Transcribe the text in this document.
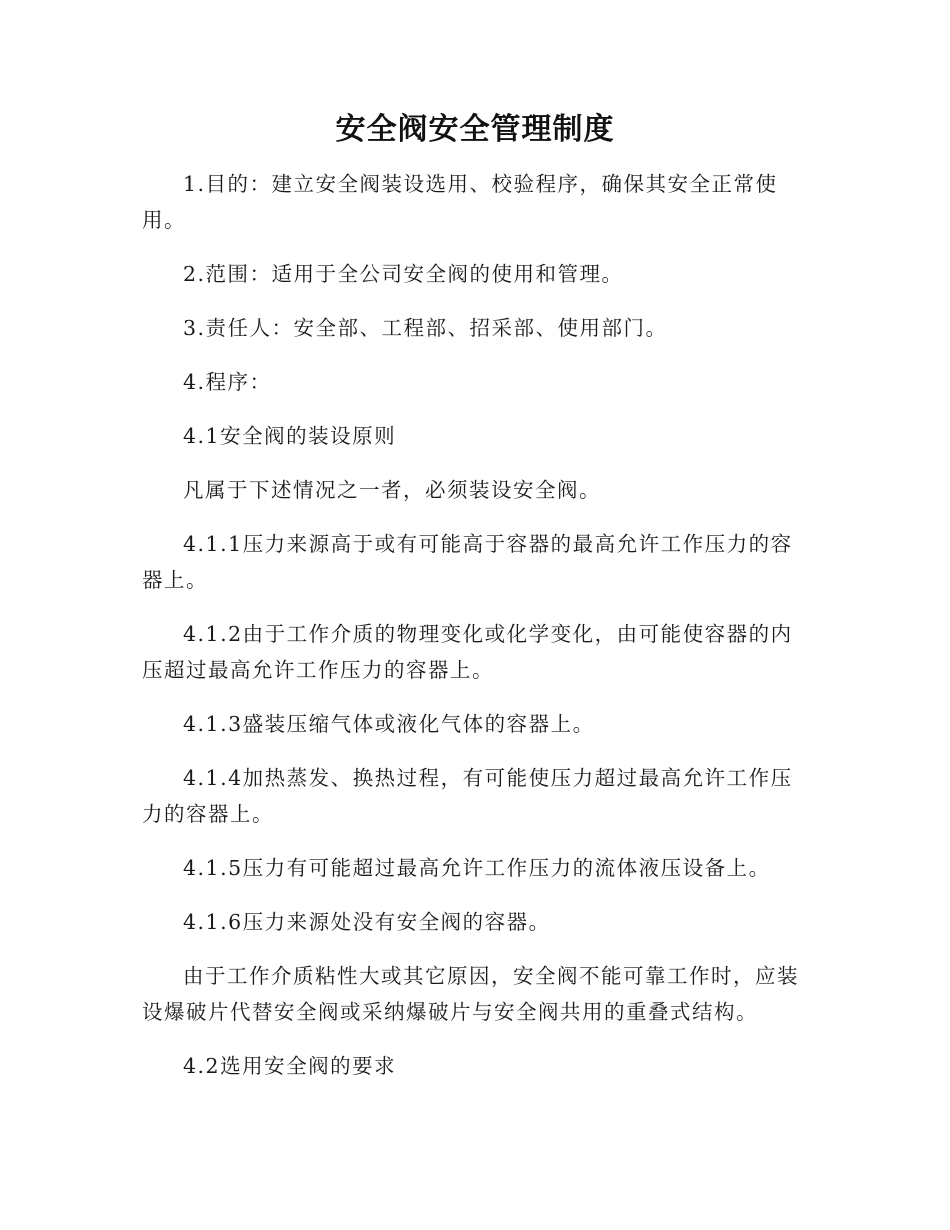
安全阀安全管理制度

1.目的：建立安全阀装设选用、校验程序，确保其安全正常使用。

2.范围：适用于全公司安全阀的使用和管理。

3.责任人：安全部、工程部、招采部、使用部门。

4.程序：

4.1安全阀的装设原则

凡属于下述情况之一者，必须装设安全阀。

4.1.1压力来源高于或有可能高于容器的最高允许工作压力的容器上。

4.1.2由于工作介质的物理变化或化学变化，由可能使容器的内压超过最高允许工作压力的容器上。

4.1.3盛装压缩气体或液化气体的容器上。

4.1.4加热蒸发、换热过程，有可能使压力超过最高允许工作压力的容器上。

4.1.5压力有可能超过最高允许工作压力的流体液压设备上。

4.1.6压力来源处没有安全阀的容器。

由于工作介质粘性大或其它原因，安全阀不能可靠工作时，应装设爆破片代替安全阀或采纳爆破片与安全阀共用的重叠式结构。

4.2选用安全阀的要求
